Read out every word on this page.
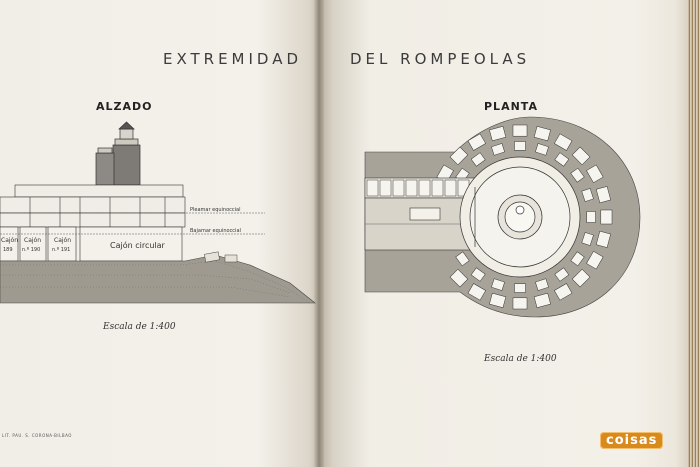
EXTREMIDAD	DEL ROMPEOLAS
ALZADO	PLANTA
Pleamar equinoccial
Bajamar equinoccial
Cajón
189
Cajón
n.º 190
Cajón
n.º 191	Cajón circular
Escala de 1:400
Escala de 1:400
LIT. PAU. S. CORONA-BILBAO	coisas
